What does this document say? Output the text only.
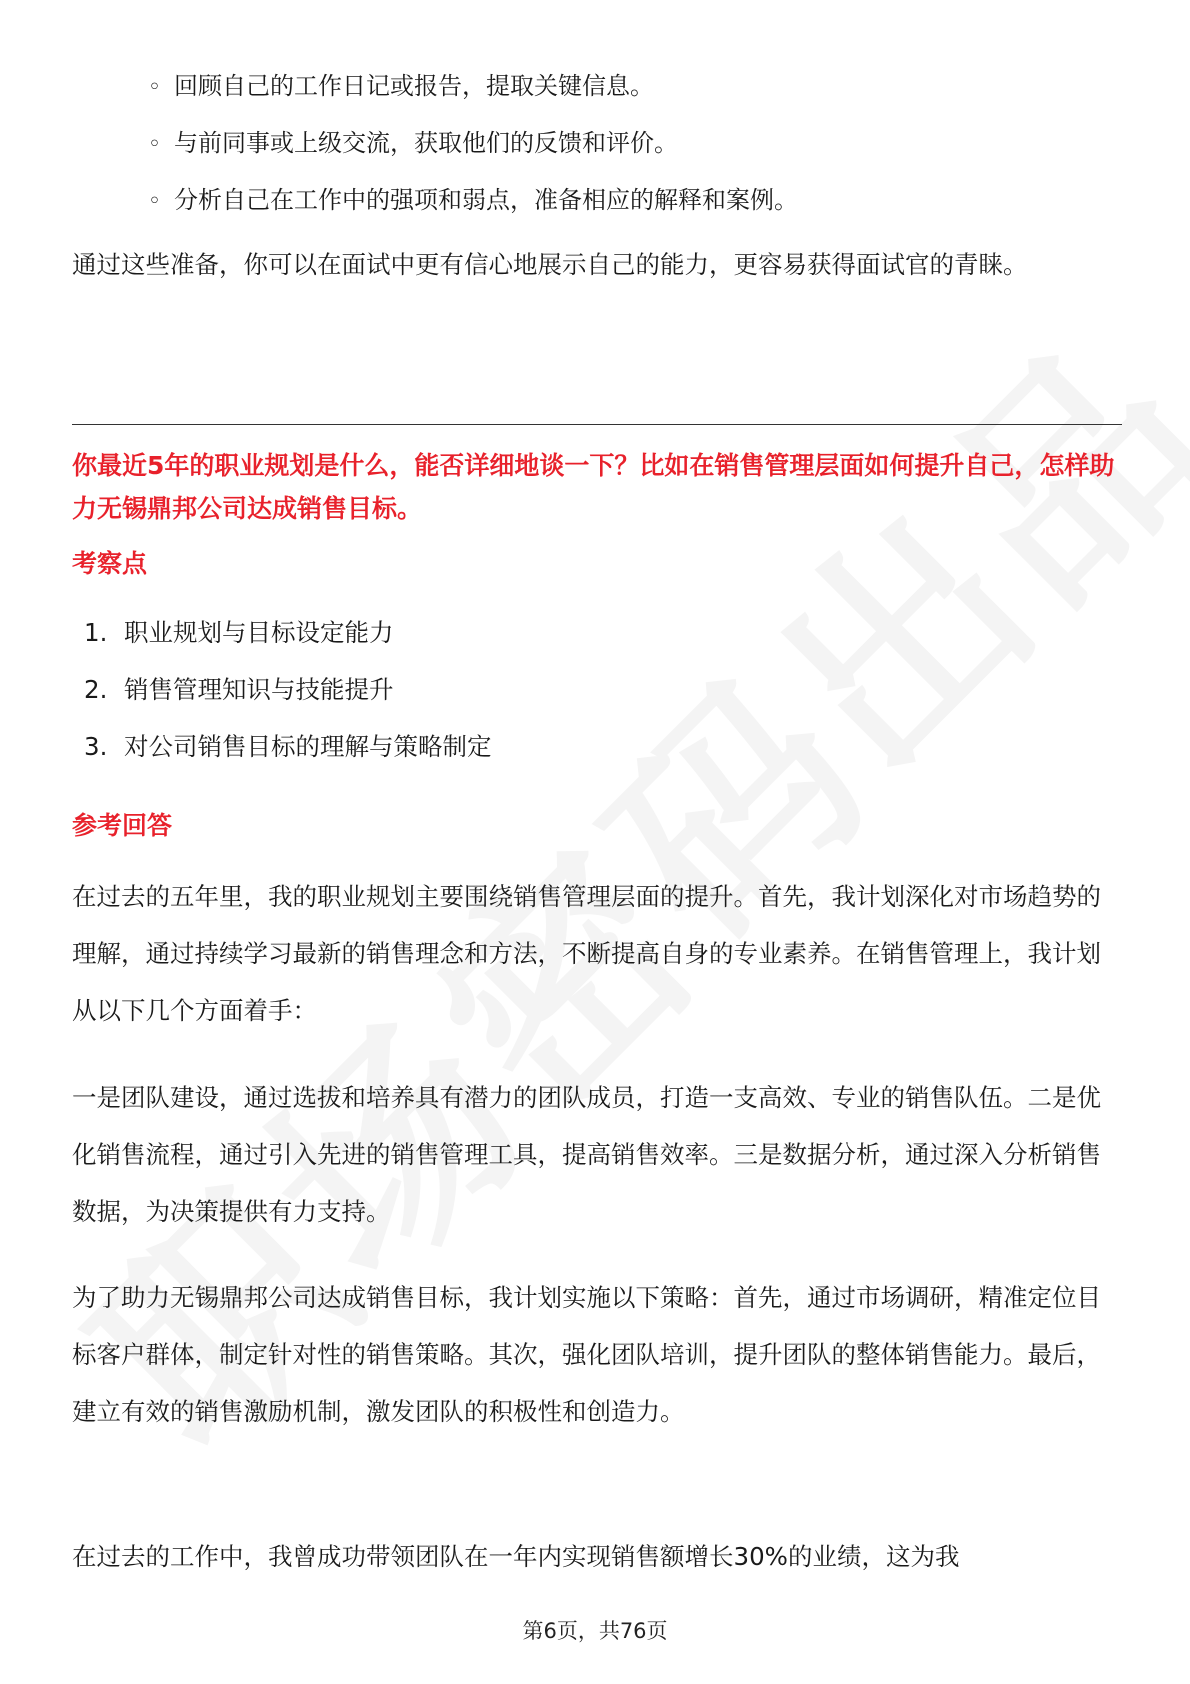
◦ 回顾自己的工作日记或报告，提取关键信息。
◦ 与前同事或上级交流，获取他们的反馈和评价。
◦ 分析自己在工作中的强项和弱点，准备相应的解释和案例。

通过这些准备，你可以在面试中更有信心地展示自己的能力，更容易获得面试官的青睐。

你最近5年的职业规划是什么，能否详细地谈一下？比如在销售管理层面如何提升自己，怎样助力无锡鼎邦公司达成销售目标。

考察点
1. 职业规划与目标设定能力
2. 销售管理知识与技能提升
3. 对公司销售目标的理解与策略制定
参考回答

在过去的五年里，我的职业规划主要围绕销售管理层面的提升。首先，我计划深化对市场趋势的理解，通过持续学习最新的销售理念和方法，不断提高自身的专业素养。在销售管理上，我计划从以下几个方面着手：

一是团队建设，通过选拔和培养具有潜力的团队成员，打造一支高效、专业的销售队伍。二是优化销售流程，通过引入先进的销售管理工具，提高销售效率。三是数据分析，通过深入分析销售数据，为决策提供有力支持。

为了助力无锡鼎邦公司达成销售目标，我计划实施以下策略：首先，通过市场调研，精准定位目标客户群体，制定针对性的销售策略。其次，强化团队培训，提升团队的整体销售能力。最后，建立有效的销售激励机制，激发团队的积极性和创造力。

在过去的工作中，我曾成功带领团队在一年内实现销售额增长30%的业绩，这为我

第6页，共76页
